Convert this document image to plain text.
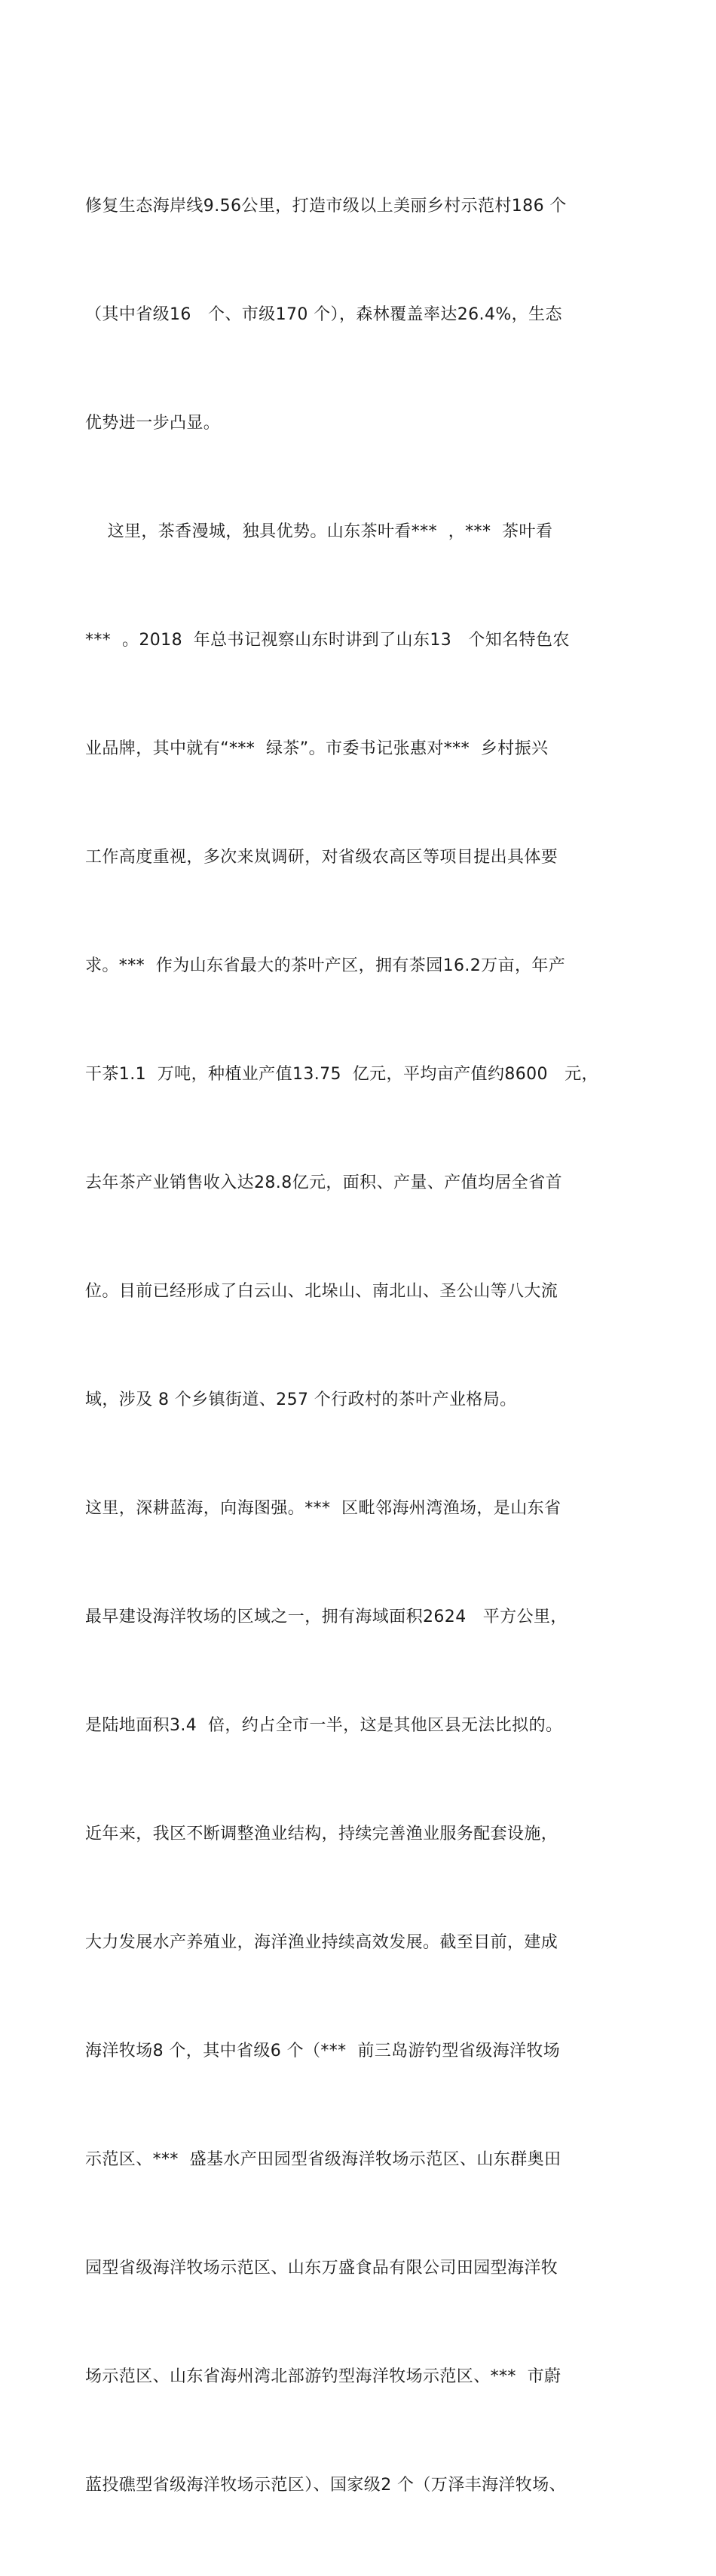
修复生态海岸线9.56公里，打造市级以上美丽乡村示范村186 个

（其中省级16   个、市级170 个），森林覆盖率达26.4%，生态

优势进一步凸显。

这里，茶香漫城，独具优势。山东茶叶看***  ，***  茶叶看

***  。2018  年总书记视察山东时讲到了山东13   个知名特色农

业品牌，其中就有“***  绿茶”。市委书记张惠对***  乡村振兴

工作高度重视，多次来岚调研，对省级农高区等项目提出具体要

求。***  作为山东省最大的茶叶产区，拥有茶园16.2万亩，年产

干茶1.1  万吨，种植业产值13.75  亿元，平均亩产值约8600   元，

去年茶产业销售收入达28.8亿元，面积、产量、产值均居全省首

位。目前已经形成了白云山、北垛山、南北山、圣公山等八大流

域，涉及 8 个乡镇街道、257 个行政村的茶叶产业格局。

这里，深耕蓝海，向海图强。***  区毗邻海州湾渔场，是山东省

最早建设海洋牧场的区域之一，拥有海域面积2624   平方公里，

是陆地面积3.4  倍，约占全市一半，这是其他区县无法比拟的。

近年来，我区不断调整渔业结构，持续完善渔业服务配套设施，

大力发展水产养殖业，海洋渔业持续高效发展。截至目前，建成

海洋牧场8 个，其中省级6 个（***  前三岛游钓型省级海洋牧场

示范区、***  盛基水产田园型省级海洋牧场示范区、山东群奥田

园型省级海洋牧场示范区、山东万盛食品有限公司田园型海洋牧

场示范区、山东省海州湾北部游钓型海洋牧场示范区、***  市蔚

蓝投礁型省级海洋牧场示范区）、国家级2 个（万泽丰海洋牧场、
